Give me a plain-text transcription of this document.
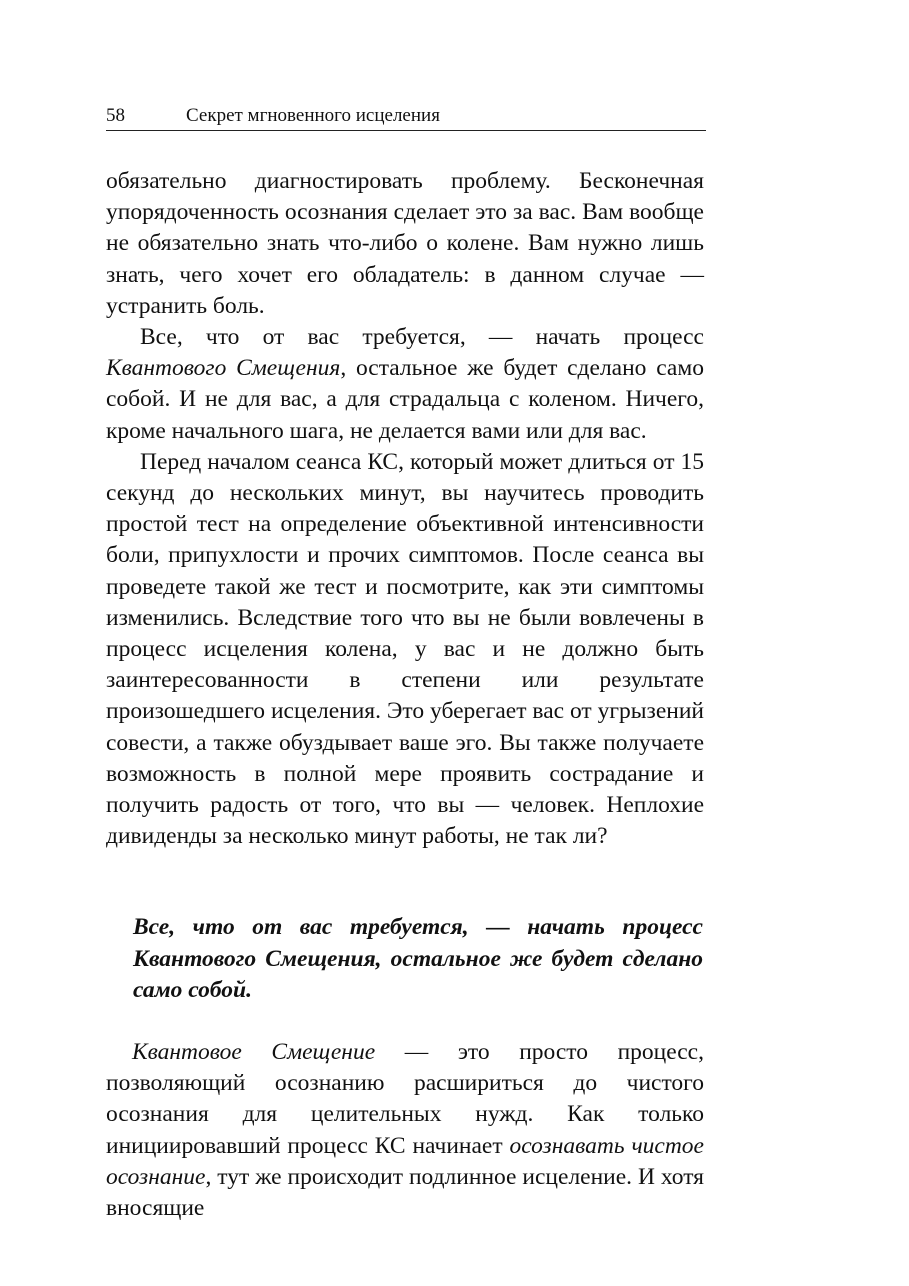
58	Секрет мгновенного исцеления

обязательно диагностировать проблему. Бесконечная упорядоченность осознания сделает это за вас. Вам вообще не обязательно знать что-либо о колене. Вам нужно лишь знать, чего хочет его обладатель: в данном случае — устранить боль.

Все, что от вас требуется, — начать процесс Квантового Смещения, остальное же будет сделано само собой. И не для вас, а для страдальца с коленом. Ничего, кроме начального шага, не делается вами или для вас.

Перед началом сеанса КС, который может длиться от 15 секунд до нескольких минут, вы научитесь проводить простой тест на определение объективной интенсивности боли, припухлости и прочих симптомов. После сеанса вы проведете такой же тест и посмотрите, как эти симптомы изменились. Вследствие того что вы не были вовлечены в процесс исцеления колена, у вас и не должно быть заинтересованности в степени или результате произошедшего исцеления. Это уберегает вас от угрызений совести, а также обуздывает ваше эго. Вы также получаете возможность в полной мере проявить сострадание и получить радость от того, что вы — человек. Неплохие дивиденды за несколько минут работы, не так ли?

Все, что от вас требуется, — начать процесс Квантового Смещения, остальное же будет сделано само собой.

Квантовое Смещение — это просто процесс, позволяющий осознанию расшириться до чистого осознания для целительных нужд. Как только инициировавший процесс КС начинает осознавать чистое осознание, тут же происходит подлинное исцеление. И хотя вносящие
